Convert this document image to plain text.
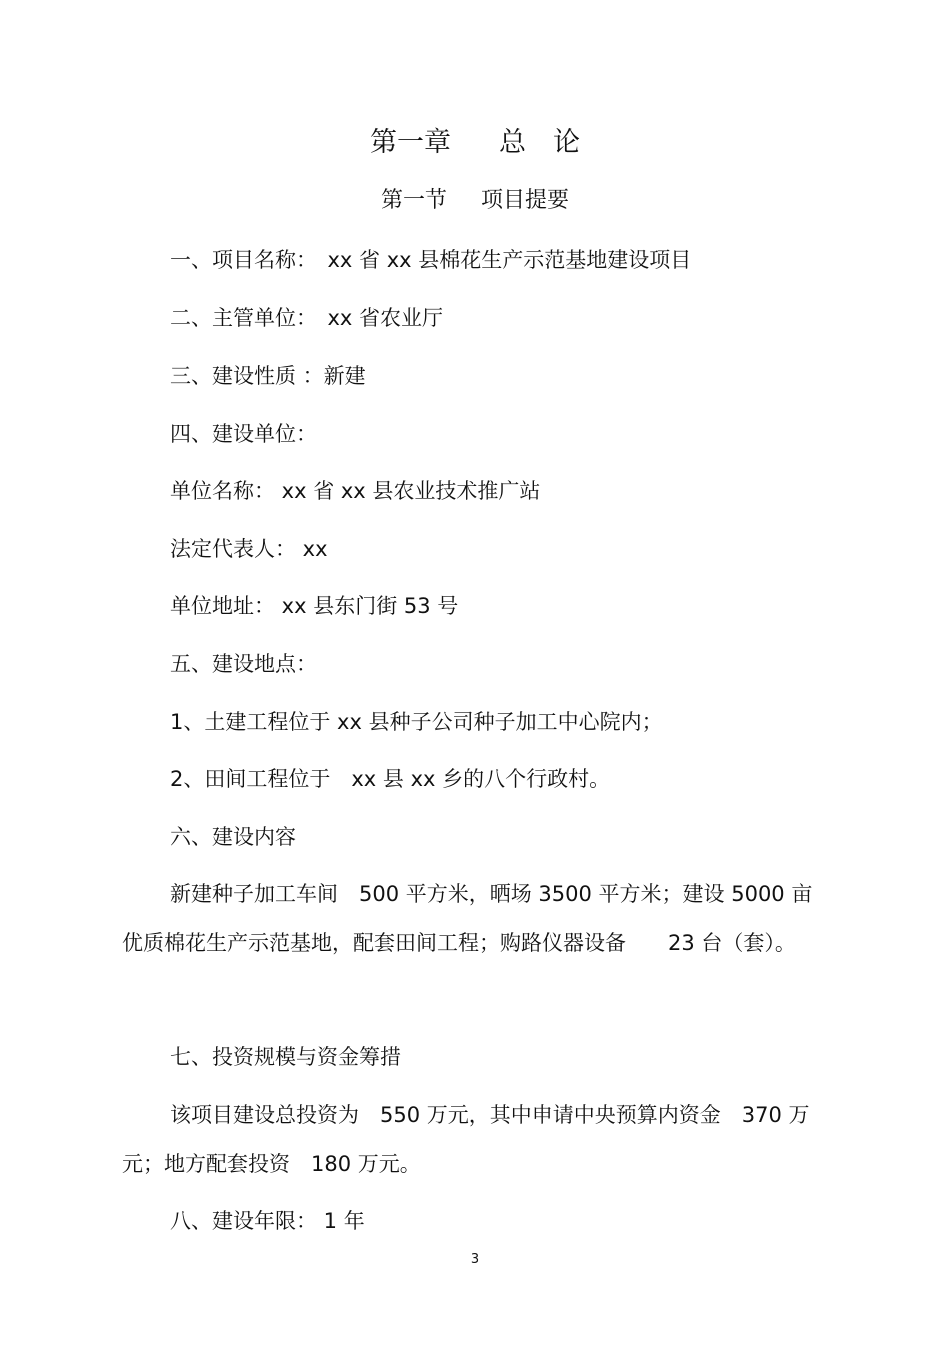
第一章 总　论
第一节 项目提要
一、项目名称：　xx 省 xx 县棉花生产示范基地建设项目
二、主管单位：　xx 省农业厅
三、建设性质 ：新建
四、建设单位：
单位名称： xx 省 xx 县农业技术推广站
法定代表人： xx
单位地址： xx 县东门街 53 号
五、建设地点：
1、土建工程位于 xx 县种子公司种子加工中心院内；
2、田间工程位于　xx 县 xx 乡的八个行政村。
六、建设内容
新建种子加工车间　500 平方米，晒场 3500 平方米；建设 5000 亩
优质棉花生产示范基地，配套田间工程；购路仪器设备　　23 台（套）。
七、投资规模与资金筹措
该项目建设总投资为　550 万元，其中申请中央预算内资金　370 万
元；地方配套投资　180 万元。
八、建设年限： 1 年
3
